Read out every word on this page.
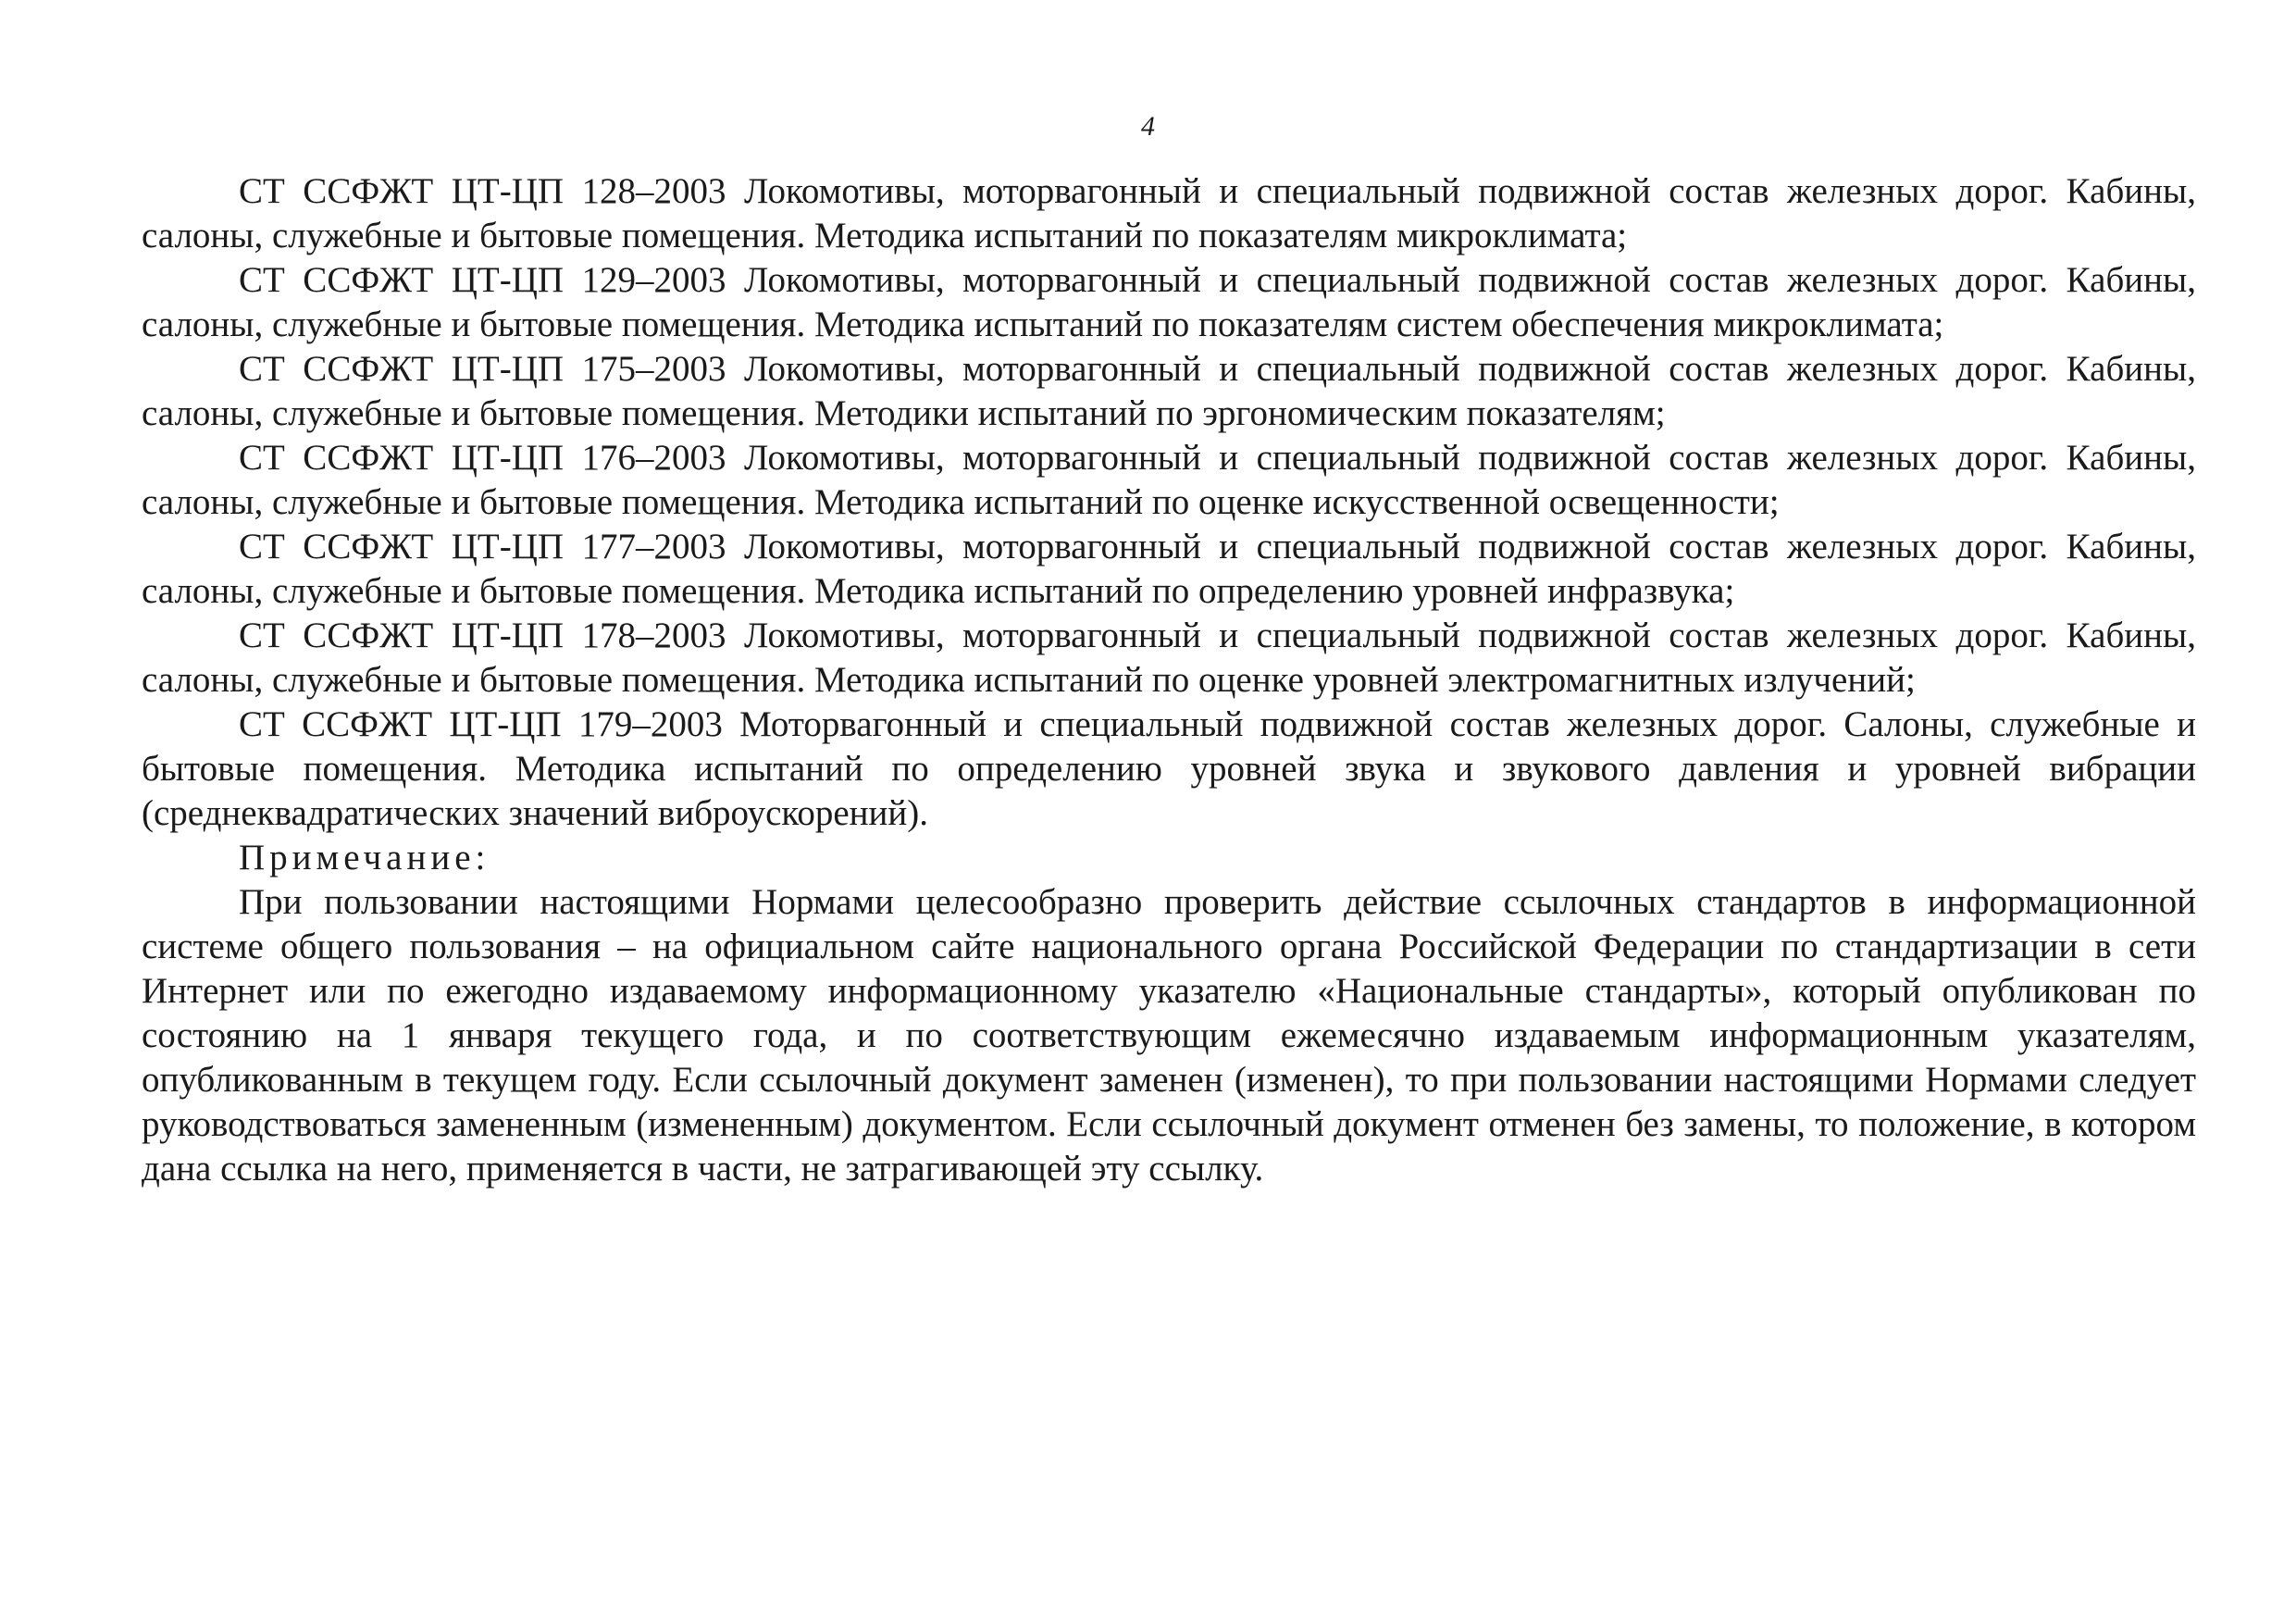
4

СТ ССФЖТ ЦТ-ЦП 128–2003 Локомотивы, моторвагонный и специальный подвижной состав железных дорог. Кабины, салоны, служебные и бытовые помещения. Методика испытаний по показателям микроклимата;

СТ ССФЖТ ЦТ-ЦП 129–2003 Локомотивы, моторвагонный и специальный подвижной состав железных дорог. Кабины, салоны, служебные и бытовые помещения. Методика испытаний по показателям систем обеспечения микроклимата;

СТ ССФЖТ ЦТ-ЦП 175–2003 Локомотивы, моторвагонный и специальный подвижной состав железных дорог. Кабины, салоны, служебные и бытовые помещения. Методики испытаний по эргономическим показателям;

СТ ССФЖТ ЦТ-ЦП 176–2003 Локомотивы, моторвагонный и специальный подвижной состав железных дорог. Кабины, салоны, служебные и бытовые помещения. Методика испытаний по оценке искусственной освещенности;

СТ ССФЖТ ЦТ-ЦП 177–2003 Локомотивы, моторвагонный и специальный подвижной состав железных дорог. Кабины, салоны, служебные и бытовые помещения. Методика испытаний по определению уровней инфразвука;

СТ ССФЖТ ЦТ-ЦП 178–2003 Локомотивы, моторвагонный и специальный подвижной состав железных дорог. Кабины, салоны, служебные и бытовые помещения. Методика испытаний по оценке уровней электромагнитных излучений;

СТ ССФЖТ ЦТ-ЦП 179–2003 Моторвагонный и специальный подвижной состав железных дорог. Салоны, служебные и бытовые помещения. Методика испытаний по определению уровней звука и звукового давления и уровней вибрации (среднеквадратических значений виброускорений).

Примечание:

При пользовании настоящими Нормами целесообразно проверить действие ссылочных стандартов в информационной системе общего пользования – на официальном сайте национального органа Российской Федерации по стандартизации в сети Интернет или по ежегодно издаваемому информационному указателю «Национальные стандарты», который опубликован по состоянию на 1 января текущего года, и по соответствующим ежемесячно издаваемым информационным указателям, опубликованным в текущем году. Если ссылочный документ заменен (изменен), то при пользовании настоящими Нормами следует руководствоваться замененным (измененным) документом. Если ссылочный документ отменен без замены, то положение, в котором дана ссылка на него, применяется в части, не затрагивающей эту ссылку.
